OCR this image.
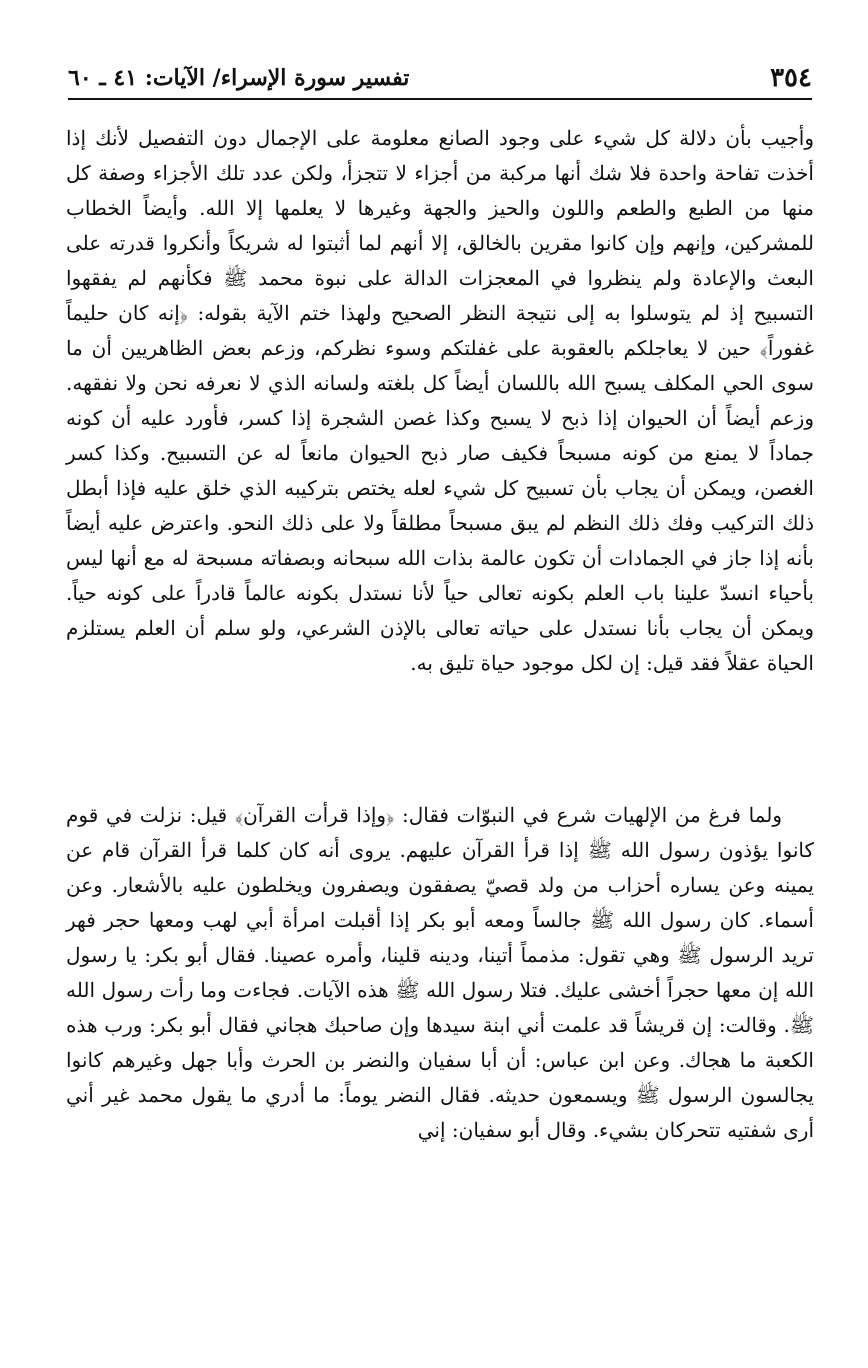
٣٥٤
تفسير سورة الإسراء/ الآيات: ٤١ ـ ٦٠

وأجيب بأن دلالة كل شيء على وجود الصانع معلومة على الإجمال دون التفصيل لأنك إذا أخذت تفاحة واحدة فلا شك أنها مركبة من أجزاء لا تتجزأ، ولكن عدد تلك الأجزاء وصفة كل منها من الطبع والطعم واللون والحيز والجهة وغيرها لا يعلمها إلا الله. وأيضاً الخطاب للمشركين، وإنهم وإن كانوا مقرين بالخالق، إلا أنهم لما أثبتوا له شريكاً وأنكروا قدرته على البعث والإعادة ولم ينظروا في المعجزات الدالة على نبوة محمد ﷺ فكأنهم لم يفقهوا التسبيح إذ لم يتوسلوا به إلى نتيجة النظر الصحيح ولهذا ختم الآية بقوله: ﴿إنه كان حليماً غفوراً﴾ حين لا يعاجلكم بالعقوبة على غفلتكم وسوء نظركم، وزعم بعض الظاهريين أن ما سوى الحي المكلف يسبح الله باللسان أيضاً كل بلغته ولسانه الذي لا نعرفه نحن ولا نفقهه. وزعم أيضاً أن الحيوان إذا ذبح لا يسبح وكذا غصن الشجرة إذا كسر، فأورد عليه أن كونه جماداً لا يمنع من كونه مسبحاً فكيف صار ذبح الحيوان مانعاً له عن التسبيح. وكذا كسر الغصن، ويمكن أن يجاب بأن تسبيح كل شيء لعله يختص بتركيبه الذي خلق عليه فإذا أبطل ذلك التركيب وفك ذلك النظم لم يبق مسبحاً مطلقاً ولا على ذلك النحو. واعترض عليه أيضاً بأنه إذا جاز في الجمادات أن تكون عالمة بذات الله سبحانه وبصفاته مسبحة له مع أنها ليس بأحياء انسدّ علينا باب العلم بكونه تعالى حياً لأنا نستدل بكونه عالماً قادراً على كونه حياً. ويمكن أن يجاب بأنا نستدل على حياته تعالى بالإذن الشرعي، ولو سلم أن العلم يستلزم الحياة عقلاً فقد قيل: إن لكل موجود حياة تليق به.

ولما فرغ من الإلهيات شرع في النبوّات فقال: ﴿وإذا قرأت القرآن﴾ قيل: نزلت في قوم كانوا يؤذون رسول الله ﷺ إذا قرأ القرآن عليهم. يروى أنه كان كلما قرأ القرآن قام عن يمينه وعن يساره أحزاب من ولد قصيّ يصفقون ويصفرون ويخلطون عليه بالأشعار. وعن أسماء. كان رسول الله ﷺ جالساً ومعه أبو بكر إذا أقبلت امرأة أبي لهب ومعها حجر فهر تريد الرسول ﷺ وهي تقول: مذمماً أتينا، ودينه قلينا، وأمره عصينا. فقال أبو بكر: يا رسول الله إن معها حجراً أخشى عليك. فتلا رسول الله ﷺ هذه الآيات. فجاءت وما رأت رسول الله ﷺ. وقالت: إن قريشاً قد علمت أني ابنة سيدها وإن صاحبك هجاني فقال أبو بكر: ورب هذه الكعبة ما هجاك. وعن ابن عباس: أن أبا سفيان والنضر بن الحرث وأبا جهل وغيرهم كانوا يجالسون الرسول ﷺ ويسمعون حديثه. فقال النضر يوماً: ما أدري ما يقول محمد غير أني أرى شفتيه تتحركان بشيء. وقال أبو سفيان: إني
